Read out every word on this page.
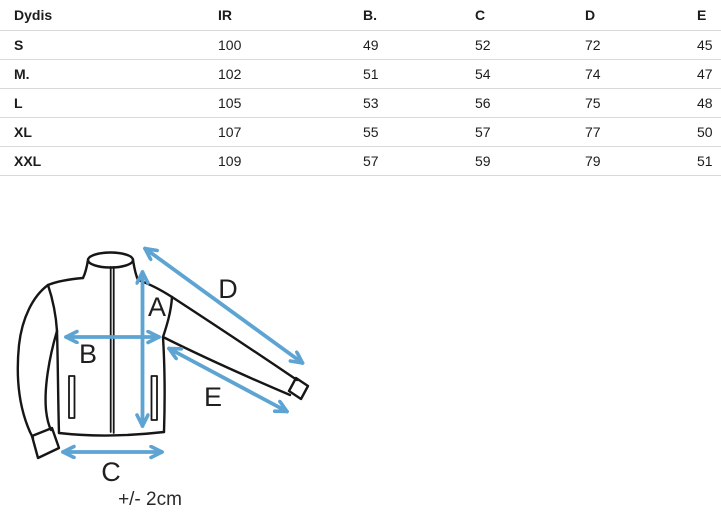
Dydis	IR	B.	C	D	E
S	100	49	52	72	45
M.	102	51	54	74	47
L	105	53	56	75	48
XL	107	55	57	77	50
XXL	109	57	59	79	51
A
B
C
D
E
+/- 2cm
